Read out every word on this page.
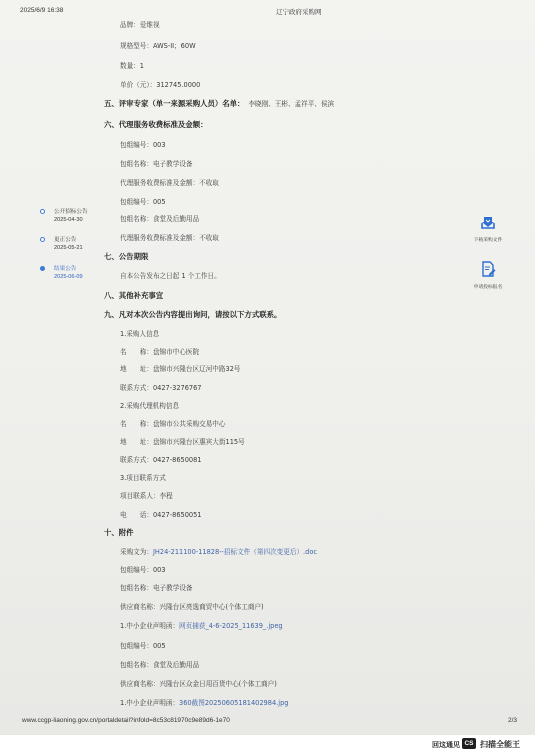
2025/6/9 16:38	辽宁政府采购网
品牌：爱维视
规格型号：AWS-II；60W
数量：1
单价（元）：312745.0000
五、评审专家（单一来源采购人员）名单： 李晓刚、王彬、孟祥平、侯滨
六、代理服务收费标准及金额：
包组编号：003
包组名称：电子教学设备
代理服务收费标准及金额：不收取
包组编号：005
包组名称：食堂及后勤用品
代理服务收费标准及金额：不收取
七、公告期限
自本公告发布之日起 1 个工作日。
八、其他补充事宜
九、凡对本次公告内容提出询问，请按以下方式联系。
1.采购人信息
名　　称：盘锦市中心医院
地　　址：盘锦市兴隆台区辽河中路32号
联系方式：0427-3276767
2.采购代理机构信息
名　　称：盘锦市公共采购交易中心
地　　址：盘锦市兴隆台区惠宾大街115号
联系方式：0427-8650081
3.项目联系方式
项目联系人：李程
电　　话：0427-8650051
十、附件
采购文为：JH24-211100-11828--招标文件（第四次变更后）.doc
包组编号：003
包组名称：电子教学设备
供应商名称：兴隆台区亮逸商贸中心(个体工商户)
1.中小企业声明函：网页捕获_4-6-2025_11639_.jpeg
包组编号：005
包组名称：食堂及后勤用品
供应商名称：兴隆台区众金日用百货中心(个体工商户)
1.中小企业声明函：360截图20250605181402984.jpg
公开招标公告
2025-04-30
更正公告
2025-05-21
结果公告
2025-06-09
下载采购文件
申请投标报名
www.ccgp-liaoning.gov.cn/portaldetail?infold=8c53c81970c9e89d6-1e70	2/3
回这通见 CS 扫描全能王
